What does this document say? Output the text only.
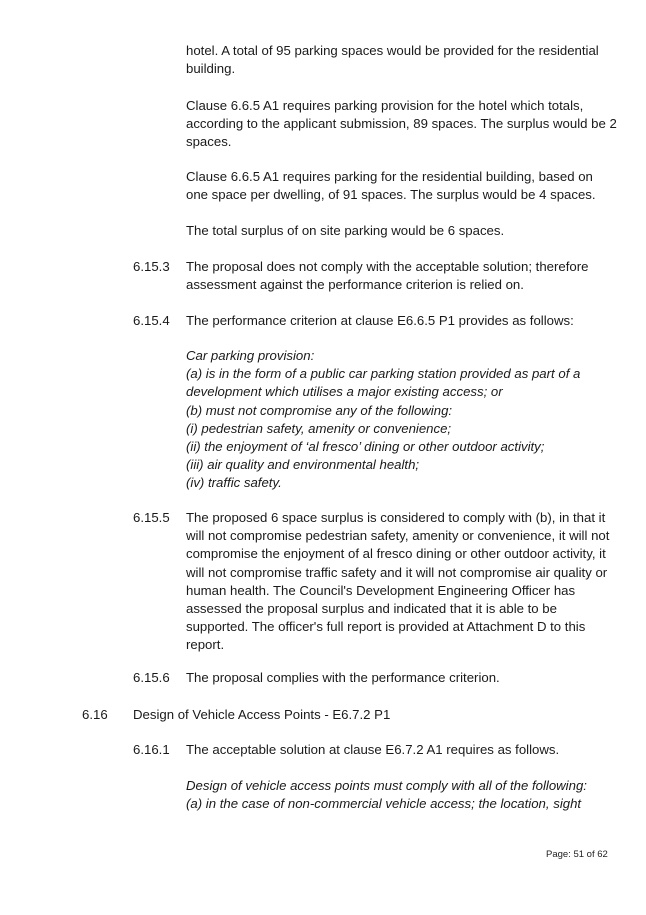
hotel. A total of 95 parking spaces would be provided for the residential
building.
Clause 6.6.5 A1 requires parking provision for the hotel which totals,
according to the applicant submission, 89 spaces. The surplus would be 2
spaces.
Clause 6.6.5 A1 requires parking for the residential building, based on
one space per dwelling, of 91 spaces. The surplus would be 4 spaces.
The total surplus of on site parking would be 6 spaces.
6.15.3 The proposal does not comply with the acceptable solution; therefore
assessment against the performance criterion is relied on.
6.15.4 The performance criterion at clause E6.6.5 P1 provides as follows:
Car parking provision:
(a) is in the form of a public car parking station provided as part of a
development which utilises a major existing access; or
(b) must not compromise any of the following:
(i) pedestrian safety, amenity or convenience;
(ii) the enjoyment of ‘al fresco’ dining or other outdoor activity;
(iii) air quality and environmental health;
(iv) traffic safety.
6.15.5 The proposed 6 space surplus is considered to comply with (b), in that it
will not compromise pedestrian safety, amenity or convenience, it will not
compromise the enjoyment of al fresco dining or other outdoor activity, it
will not compromise traffic safety and it will not compromise air quality or
human health. The Council's Development Engineering Officer has
assessed the proposal surplus and indicated that it is able to be
supported. The officer's full report is provided at Attachment D to this
report.
6.15.6 The proposal complies with the performance criterion.
6.16 Design of Vehicle Access Points - E6.7.2 P1
6.16.1 The acceptable solution at clause E6.7.2 A1 requires as follows.
Design of vehicle access points must comply with all of the following:
(a) in the case of non-commercial vehicle access; the location, sight
Page: 51 of 62
